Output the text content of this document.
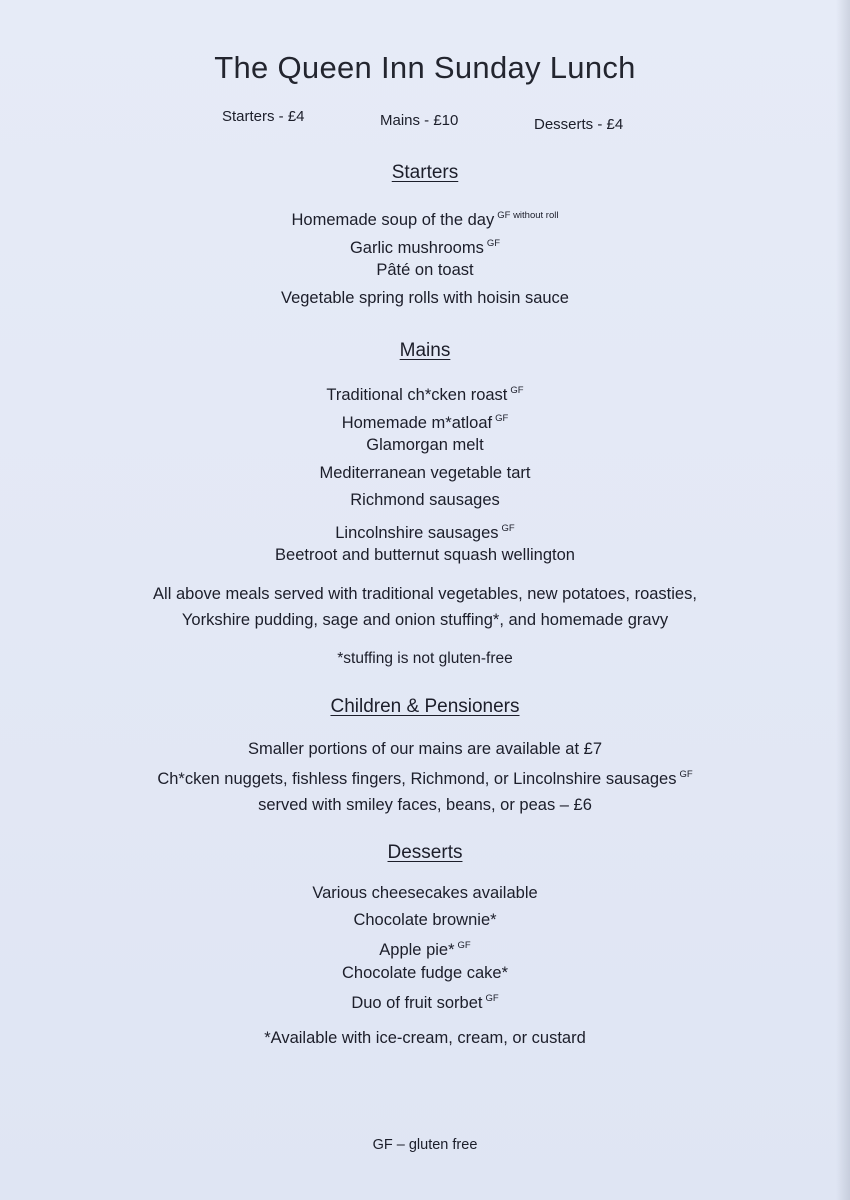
The Queen Inn Sunday Lunch
Starters - £4	Mains - £10	Desserts - £4
Starters
Homemade soup of the day $^{GF without roll}$
Garlic mushrooms $^{GF}$
Pâté on toast
Vegetable spring rolls with hoisin sauce
Mains
Traditional ch*cken roast $^{GF}$
Homemade m*atloaf $^{GF}$
Glamorgan melt
Mediterranean vegetable tart
Richmond sausages
Lincolnshire sausages $^{GF}$
Beetroot and butternut squash wellington
All above meals served with traditional vegetables, new potatoes, roasties,
Yorkshire pudding, sage and onion stuffing*, and homemade gravy
*stuffing is not gluten-free
Children & Pensioners
Smaller portions of our mains are available at £7
Ch*cken nuggets, fishless fingers, Richmond, or Lincolnshire sausages $^{GF}$
served with smiley faces, beans, or peas – £6
Desserts
Various cheesecakes available
Chocolate brownie*
Apple pie* $^{GF}$
Chocolate fudge cake*
Duo of fruit sorbet $^{GF}$
*Available with ice-cream, cream, or custard
GF – gluten free
